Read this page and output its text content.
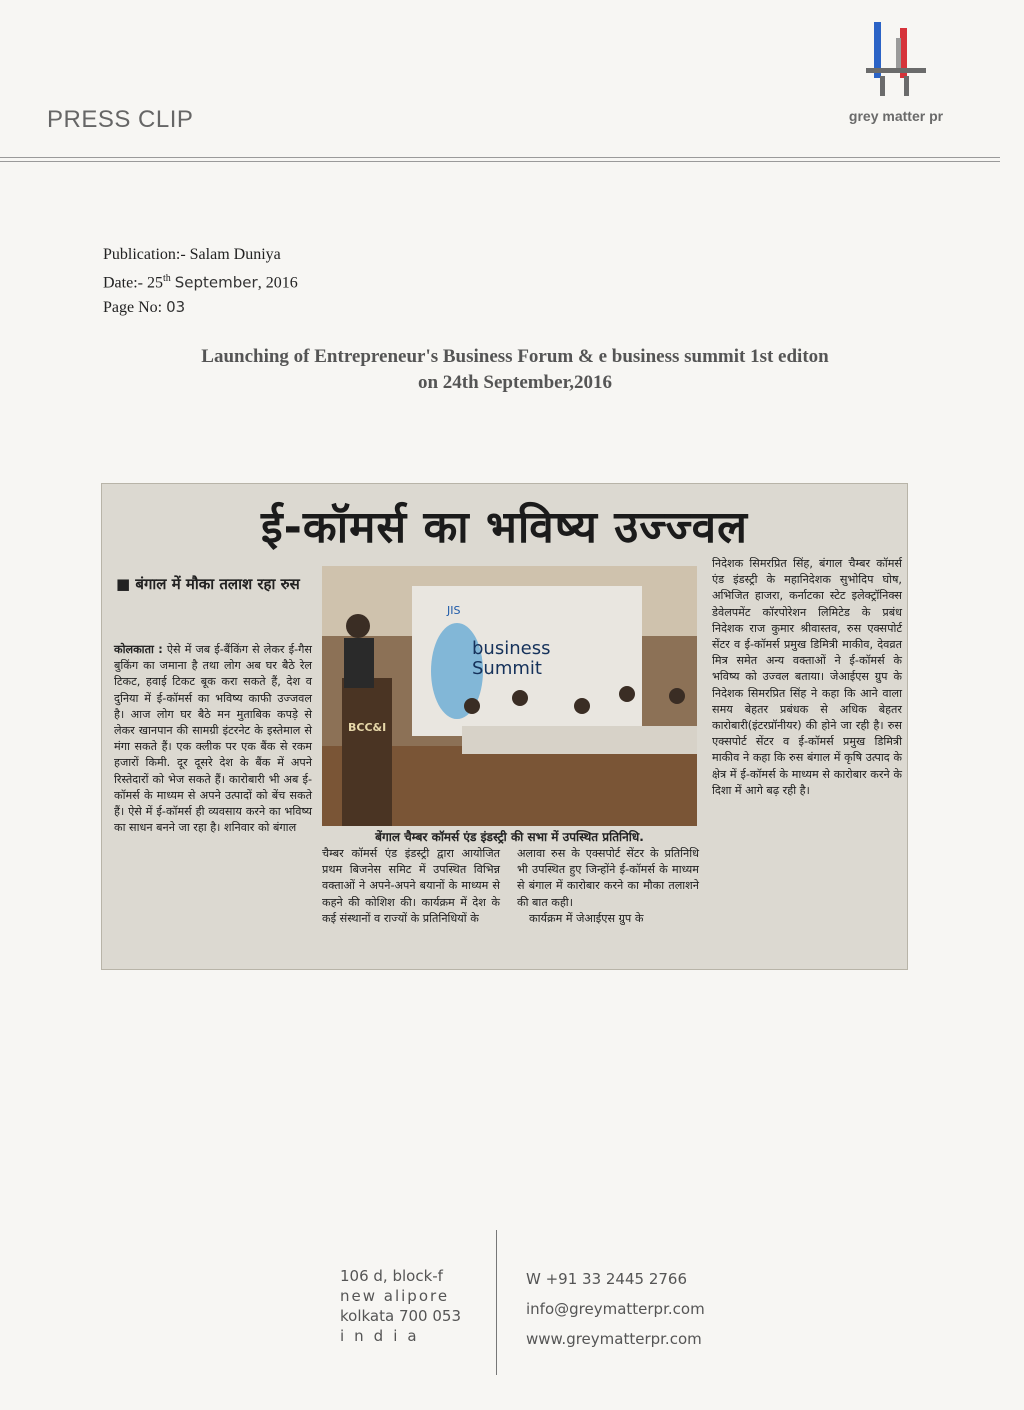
PRESS CLIP	grey matter pr
Publication:- Salam Duniya
Date:- 25th September, 2016
Page No: 03
Launching of Entrepreneur's Business Forum & e business summit 1st editon
on 24th September,2016
ई-कॉमर्स का भविष्य उज्ज्वल
■ बंगाल में मौका तलाश रहा रुस
कोलकाता : ऐसे में जब ई-बैंकिंग से लेकर ई-गैस बुकिंग का जमाना है तथा लोग अब घर बैठे रेल टिकट, हवाई टिकट बूक करा सकते हैं, देश व दुनिया में ई-कॉमर्स का भविष्य काफी उज्जवल है। आज लोग घर बैठे मन मुताबिक कपड़े से लेकर खानपान की सामग्री इंटरनेट के इस्तेमाल से मंगा सकते हैं। एक क्लीक पर एक बैंक से रकम हजारों किमी. दूर दूसरे देश के बैंक में अपने रिस्तेदारों को भेज सकते हैं। कारोबारी भी अब ई-कॉमर्स के माध्यम से अपने उत्पादों को बेंच सकते हैं। ऐसे में ई-कॉमर्स ही व्यवसाय करने का भविष्य का साधन बनने जा रहा है। शनिवार को बंगाल
business
Summit
JIS
BCC&I
बेंगाल चैम्बर कॉमर्स एंड इंडस्ट्री की सभा में उपस्थित प्रतिनिधि.
चैम्बर कॉमर्स एंड इंडस्ट्री द्वारा आयोजित प्रथम बिजनेस समिट में उपस्थित विभिन्न वक्ताओं ने अपने-अपने बयानों के माध्यम से कहने की कोशिश की। कार्यक्रम में देश के कई संस्थानों व राज्यों के प्रतिनिधियों के
अलावा रुस के एक्सपोर्ट सेंटर के प्रतिनिधि भी उपस्थित हुए जिन्होंने ई-कॉमर्स के माध्यम से बंगाल में कारोबार करने का मौका तलाशने की बात कही।
कार्यक्रम में जेआईएस ग्रुप के
निदेशक सिमरप्रित सिंह, बंगाल चैम्बर कॉमर्स एंड इंडस्ट्री के महानिदेशक सुभोदिप घोष, अभिजित हाजरा, कर्नाटका स्टेट इलेक्ट्रॉनिक्स डेवेलपमेंट कॉरपोरेशन लिमिटेड के प्रबंध निदेशक राज कुमार श्रीवास्तव, रुस एक्सपोर्ट सेंटर व ई-कॉमर्स प्रमुख डिमित्री माकीव, देवव्रत मित्र समेत अन्य वक्ताओं ने ई-कॉमर्स के भविष्य को उज्वल बताया। जेआईएस ग्रुप के निदेशक सिमरप्रित सिंह ने कहा कि आने वाला समय बेहतर प्रबंधक से अधिक बेहतर कारोबारी(इंटरप्रॉनीयर) की होने जा रही है। रुस एक्सपोर्ट सेंटर व ई-कॉमर्स प्रमुख डिमित्री माकीव ने कहा कि रुस बंगाल में कृषि उत्पाद के क्षेत्र में ई-कॉमर्स के माध्यम से कारोबार करने के दिशा में आगे बढ़ रही है।
106 d, block-f
new alipore
kolkata 700 053
india
W +91 33 2445 2766
info@greymatterpr.com
www.greymatterpr.com
